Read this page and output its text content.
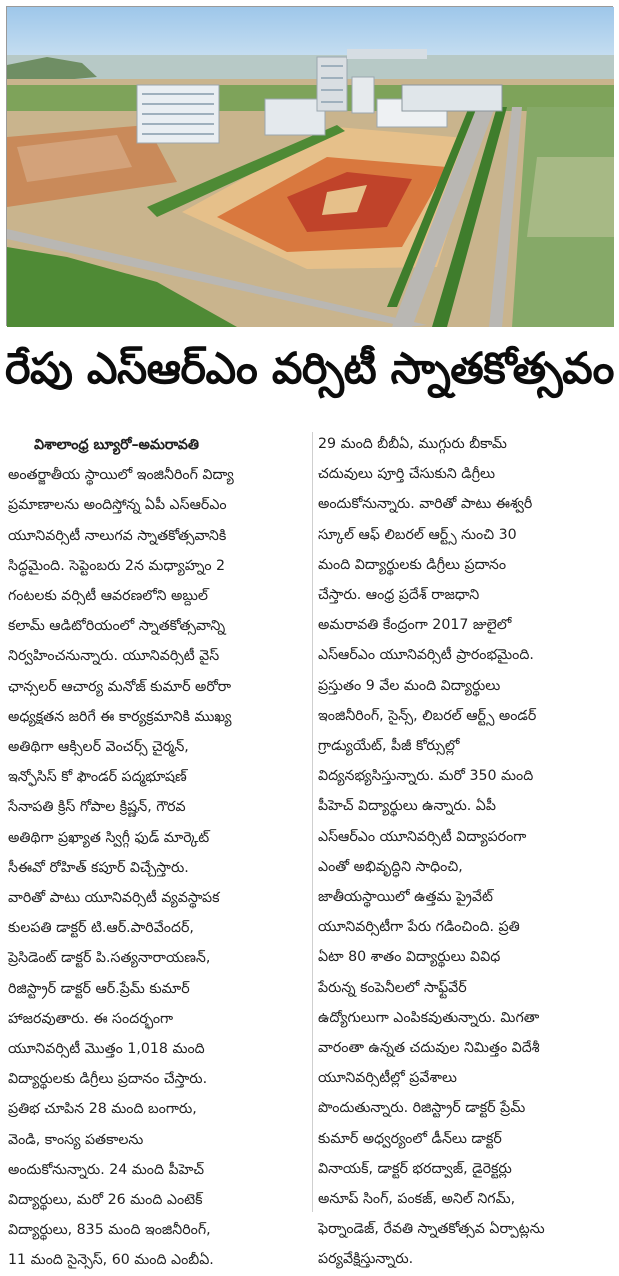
రేపు ఎస్‌ఆర్‌ఎం వర్సిటీ స్నాతకోత్సవం
విశాలాంధ్ర బ్యూరో–అమరావతి
అంతర్జాతీయ స్థాయిలో ఇంజినీరింగ్ విద్యా
ప్రమాణాలను అందిస్తోన్న ఏపీ ఎస్ఆర్ఎం
యూనివర్సిటీ నాలుగవ స్నాతకోత్సవానికి
సిద్ధమైంది. సెప్టెంబరు 2న మధ్యాహ్నం 2
గంటలకు వర్సిటీ ఆవరణలోని అబ్దుల్
కలామ్ ఆడిటోరియంలో స్నాతకోత్సవాన్ని
నిర్వహించనున్నారు. యూనివర్సిటీ వైస్
ఛాన్సలర్ ఆచార్య మనోజ్ కుమార్ అరోరా
అధ్యక్షతన జరిగే ఈ కార్యక్రమానికి ముఖ్య
అతిథిగా ఆక్సిలర్ వెంచర్స్ చైర్మన్,
ఇన్ఫోసిస్ కో ఫౌండర్ పద్మభూషణ్
సేనాపతి క్రిస్ గోపాల క్రిష్ణన్, గౌరవ
అతిథిగా ప్రఖ్యాత స్విగ్గీ ఫుడ్ మార్కెట్
సీఈవో రోహిత్ కపూర్ విచ్చేస్తారు.
వారితో పాటు యూనివర్సిటీ వ్యవస్థాపక
కులపతి డాక్టర్ టి.ఆర్.పారివేందర్,
ప్రెసిడెంట్ డాక్టర్ పి.సత్యనారాయణన్,
రిజిస్ట్రార్ డాక్టర్ ఆర్.ప్రేమ్ కుమార్
హాజరవుతారు. ఈ సందర్భంగా
యూనివర్సిటీ మొత్తం 1,018 మంది
విద్యార్థులకు డిగ్రీలు ప్రదానం చేస్తారు.
ప్రతిభ చూపిన 28 మంది బంగారు,
వెండి, కాంస్య పతకాలను
అందుకోనున్నారు. 24 మంది పీహెచ్
విద్యార్థులు, మరో 26 మంది ఎంటెక్
విద్యార్థులు, 835 మంది ఇంజినీరింగ్,
11 మంది సైన్సెస్, 60 మంది ఎంబీఏ.
29 మంది బీబీఏ, ముగ్గురు బీకామ్
చదువులు పూర్తి చేసుకుని డిగ్రీలు
అందుకోనున్నారు. వారితో పాటు ఈశ్వరీ
స్కూల్ ఆఫ్ లిబరల్ ఆర్ట్స్ నుంచి 30
మంది విద్యార్థులకు డిగ్రీలు ప్రదానం
చేస్తారు. ఆంధ్ర ప్రదేశ్ రాజధాని
అమరావతి కేంద్రంగా 2017 జులైలో
ఎస్ఆర్ఎం యూనివర్సిటీ ప్రారంభమైంది.
ప్రస్తుతం 9 వేల మంది విద్యార్థులు
ఇంజినీరింగ్, సైన్స్, లిబరల్ ఆర్ట్స్ అండర్
గ్రాడ్యుయేట్, పీజీ కోర్సుల్లో
విద్యనభ్యసిస్తున్నారు. మరో 350 మంది
పీహెచ్ విద్యార్థులు ఉన్నారు. ఏపీ
ఎస్ఆర్ఎం యూనివర్సిటీ విద్యాపరంగా
ఎంతో అభివృద్ధిని సాధించి,
జాతీయస్థాయిలో ఉత్తమ ప్రైవేట్
యూనివర్సిటీగా పేరు గడించింది. ప్రతి
ఏటా 80 శాతం విద్యార్థులు వివిధ
పేరున్న కంపెనీలలో సాఫ్ట్‌వేర్
ఉద్యోగులుగా ఎంపికవుతున్నారు. మిగతా
వారంతా ఉన్నత చదువుల నిమిత్తం విదేశీ
యూనివర్సిటీల్లో ప్రవేశాలు
పొందుతున్నారు. రిజిస్ట్రార్ డాక్టర్ ప్రేమ్
కుమార్ అధ్వర్యంలో డీన్‌లు డాక్టర్
వినాయక్, డాక్టర్ భరద్వాజ్, డైరెక్టర్లు
అనూప్ సింగ్, పంకజ్, అనిల్ నిగమ్,
ఫెర్నాండెజ్, రేవతి స్నాతకోత్సవ ఏర్పాట్లను
పర్యవేక్షిస్తున్నారు.
